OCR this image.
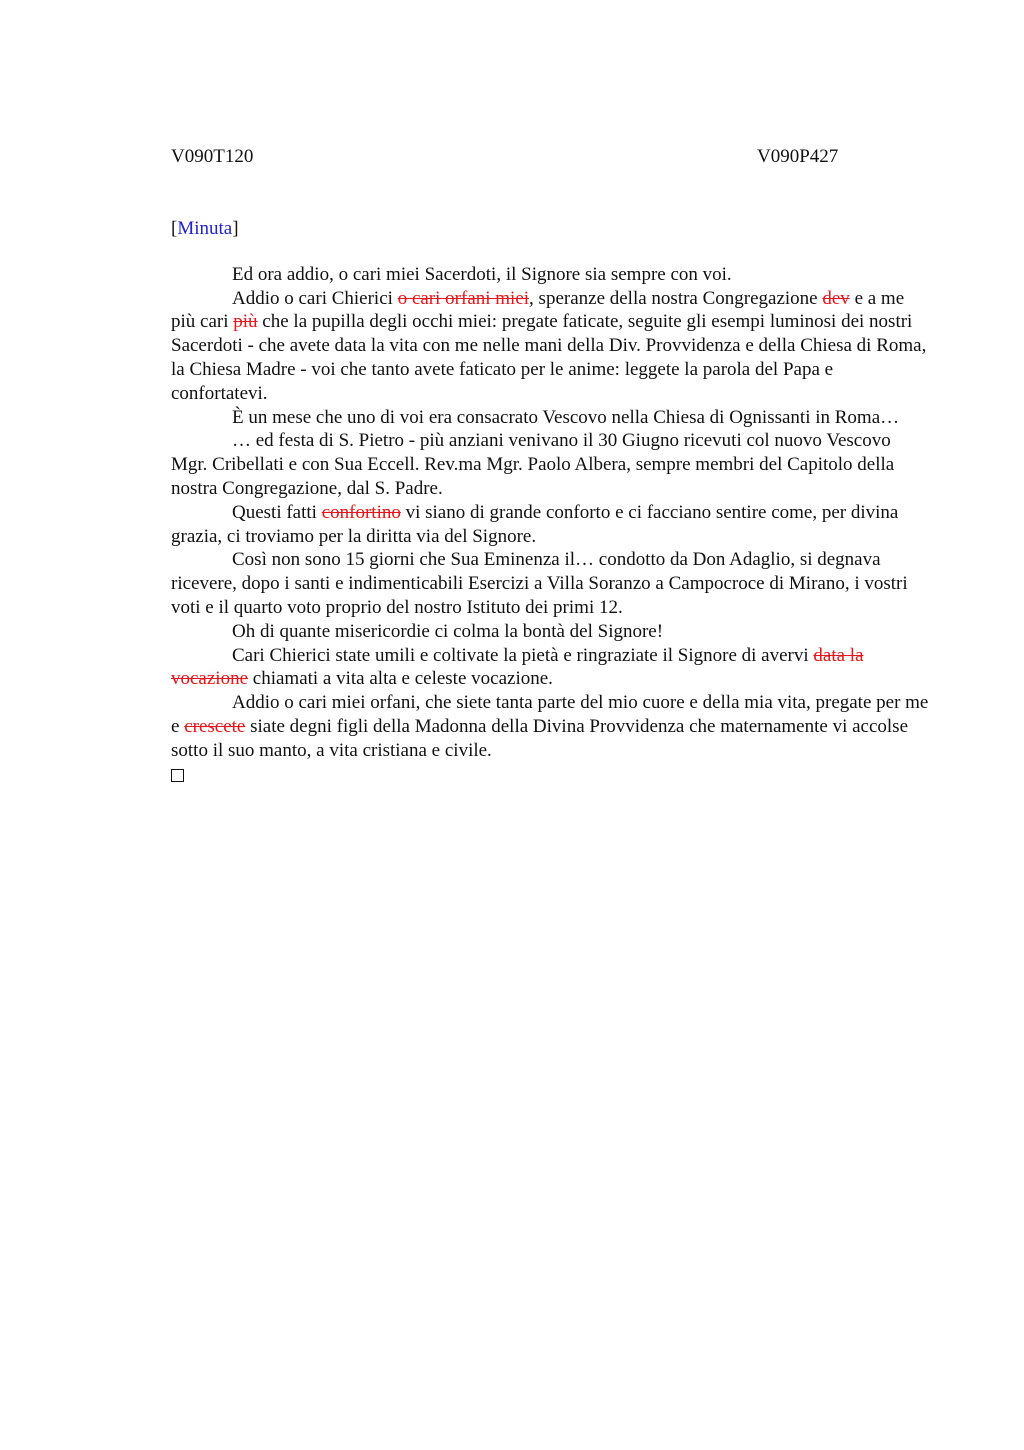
V090T120	V090P427
[Minuta]

Ed ora addio, o cari miei Sacerdoti, il Signore sia sempre con voi.

Addio o cari Chierici o cari orfani miei, speranze della nostra Congregazione dev e a me più cari più che la pupilla degli occhi miei: pregate faticate, seguite gli esempi luminosi dei nostri Sacerdoti - che avete data la vita con me nelle mani della Div. Provvidenza e della Chiesa di Roma, la Chiesa Madre - voi che tanto avete faticato per le anime: leggete la parola del Papa e confortatevi.

È un mese che uno di voi era consacrato Vescovo nella Chiesa di Ognissanti in Roma…

… ed festa di S. Pietro - più anziani venivano il 30 Giugno ricevuti col nuovo Vescovo Mgr. Cribellati e con Sua Eccell. Rev.ma Mgr. Paolo Albera, sempre membri del Capitolo della nostra Congregazione, dal S. Padre.

Questi fatti confortino vi siano di grande conforto e ci facciano sentire come, per divina grazia, ci troviamo per la diritta via del Signore.

Così non sono 15 giorni che Sua Eminenza il… condotto da Don Adaglio, si degnava ricevere, dopo i santi e indimenticabili Esercizi a Villa Soranzo a Campocroce di Mirano, i vostri voti e il quarto voto proprio del nostro Istituto dei primi 12.

Oh di quante misericordie ci colma la bontà del Signore!

Cari Chierici state umili e coltivate la pietà e ringraziate il Signore di avervi data la vocazione chiamati a vita alta e celeste vocazione.

Addio o cari miei orfani, che siete tanta parte del mio cuore e della mia vita, pregate per me e crescete siate degni figli della Madonna della Divina Provvidenza che maternamente vi accolse sotto il suo manto, a vita cristiana e civile.
